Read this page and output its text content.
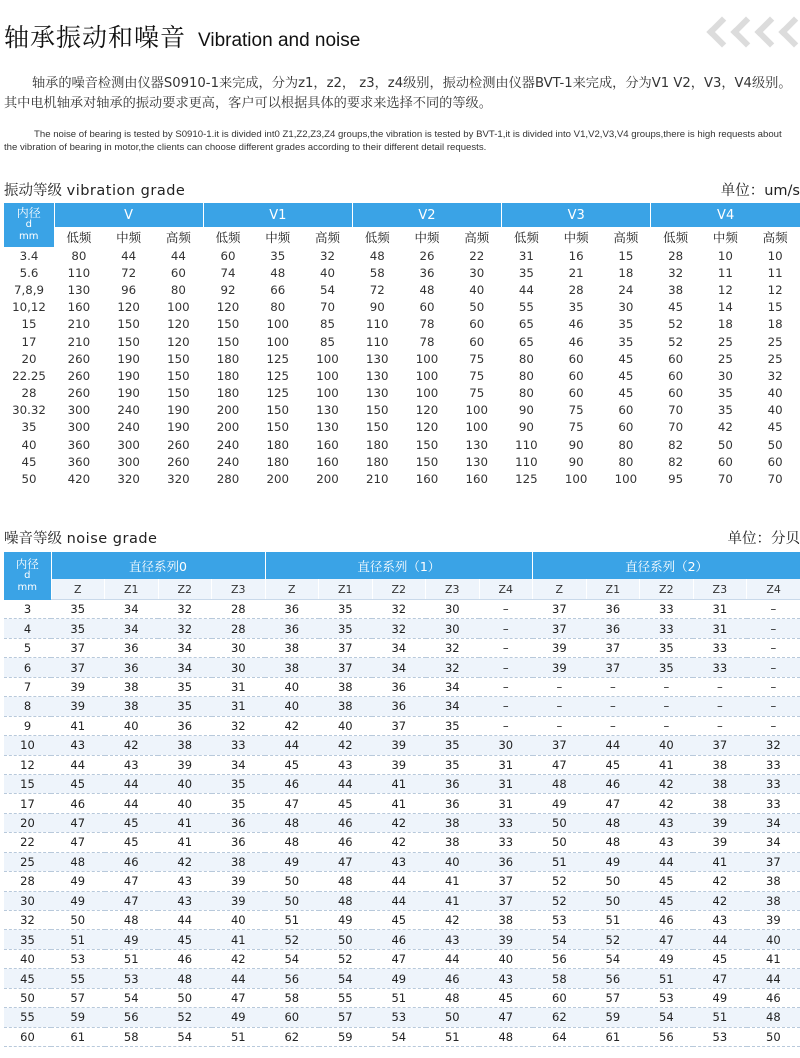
轴承振动和噪音 Vibration and noise
轴承的噪音检测由仪器S0910-1来完成，分为z1，z2， z3，z4级别，振动检测由仪器BVT-1来完成，分为V1 V2，V3，V4级别。其中电机轴承对轴承的振动要求更高，客户可以根据具体的要求来选择不同的等级。
The noise of bearing is tested by S0910-1.it is divided int0 Z1,Z2,Z3,Z4 groups,the vibration is tested by BVT-1,it is divided into V1,V2,V3,V4 groups,there is high requests about the vibration of bearing in motor,the clients can choose different grades according to their different detail requests.
振动等级 vibration grade	单位：um/s
内径
d
mm	V			V1			V2			V3			V4		
	低频	中频	高频	低频	中频	高频	低频	中频	高频	低频	中频	高频	低频	中频	高频
3.4	80	44	44	60	35	32	48	26	22	31	16	15	28	10	10
5.6	110	72	60	74	48	40	58	36	30	35	21	18	32	11	11
7,8,9	130	96	80	92	66	54	72	48	40	44	28	24	38	12	12
10,12	160	120	100	120	80	70	90	60	50	55	35	30	45	14	15
15	210	150	120	150	100	85	110	78	60	65	46	35	52	18	18
17	210	150	120	150	100	85	110	78	60	65	46	35	52	25	25
20	260	190	150	180	125	100	130	100	75	80	60	45	60	25	25
22.25	260	190	150	180	125	100	130	100	75	80	60	45	60	30	32
28	260	190	150	180	125	100	130	100	75	80	60	45	60	35	40
30.32	300	240	190	200	150	130	150	120	100	90	75	60	70	35	40
35	300	240	190	200	150	130	150	120	100	90	75	60	70	42	45
40	360	300	260	240	180	160	180	150	130	110	90	80	82	50	50
45	360	300	260	240	180	160	180	150	130	110	90	80	82	60	60
50	420	320	320	280	200	200	210	160	160	125	100	100	95	70	70
噪音等级 noise grade	单位：分贝
内径
d
mm	直径系列0				直径系列（1）					直径系列（2）				
	Z	Z1	Z2	Z3	Z	Z1	Z2	Z3	Z4	Z	Z1	Z2	Z3	Z4
3	35	34	32	28	36	35	32	30	–	37	36	33	31	–
4	35	34	32	28	36	35	32	30	–	37	36	33	31	–
5	37	36	34	30	38	37	34	32	–	39	37	35	33	–
6	37	36	34	30	38	37	34	32	–	39	37	35	33	–
7	39	38	35	31	40	38	36	34	–	–	–	–	–	–
8	39	38	35	31	40	38	36	34	–	–	–	–	–	–
9	41	40	36	32	42	40	37	35	–	–	–	–	–	–
10	43	42	38	33	44	42	39	35	30	37	44	40	37	32
12	44	43	39	34	45	43	39	35	31	47	45	41	38	33
15	45	44	40	35	46	44	41	36	31	48	46	42	38	33
17	46	44	40	35	47	45	41	36	31	49	47	42	38	33
20	47	45	41	36	48	46	42	38	33	50	48	43	39	34
22	47	45	41	36	48	46	42	38	33	50	48	43	39	34
25	48	46	42	38	49	47	43	40	36	51	49	44	41	37
28	49	47	43	39	50	48	44	41	37	52	50	45	42	38
30	49	47	43	39	50	48	44	41	37	52	50	45	42	38
32	50	48	44	40	51	49	45	42	38	53	51	46	43	39
35	51	49	45	41	52	50	46	43	39	54	52	47	44	40
40	53	51	46	42	54	52	47	44	40	56	54	49	45	41
45	55	53	48	44	56	54	49	46	43	58	56	51	47	44
50	57	54	50	47	58	55	51	48	45	60	57	53	49	46
55	59	56	52	49	60	57	53	50	47	62	59	54	51	48
60	61	58	54	51	62	59	54	51	48	64	61	56	53	50
